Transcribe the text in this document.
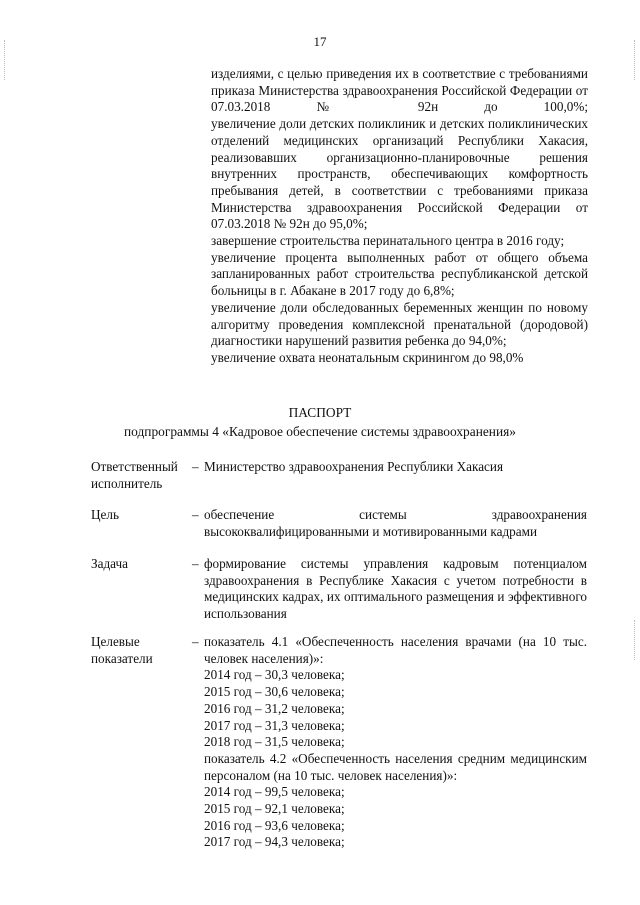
17

изделиями, с целью приведения их в соответствие с требованиями приказа Министерства здравоохранения Российской Федерации от 07.03.2018 № 92н до 100,0%;

увеличение доли детских поликлиник и детских поликлинических отделений медицинских организаций Республики Хакасия, реализовавших организационно-планировочные решения внутренних пространств, обеспечивающих комфортность пребывания детей, в соответствии с требованиями приказа Министерства здравоохранения Российской Федерации от 07.03.2018 № 92н до 95,0%;

завершение строительства перинатального центра в 2016 году;

увеличение процента выполненных работ от общего объема запланированных работ строительства республиканской детской больницы в г. Абакане в 2017 году до 6,8%;

увеличение доли обследованных беременных женщин по новому алгоритму проведения комплексной пренатальной (дородовой) диагностики нарушений развития ребенка до 94,0%;

увеличение охвата неонатальным скринингом до 98,0%

ПАСПОРТ
подпрограммы 4 «Кадровое обеспечение системы здравоохранения»
Ответственный исполнитель
– Министерство здравоохранения Республики Хакасия

Цель	– обеспечение системы здравоохранения высококвалифицированными и мотивированными кадрами

Задача	– формирование системы управления кадровым потенциалом здравоохранения в Республике Хакасия с учетом потребности в медицинских кадрах, их оптимального размещения и эффективного использования

Целевые показатели
– показатель 4.1 «Обеспеченность населения врачами (на 10 тыс. человек населения)»:

2014 год – 30,3 человека;

2015 год – 30,6 человека;

2016 год – 31,2 человека;

2017 год – 31,3 человека;

2018 год – 31,5 человека;

показатель 4.2 «Обеспеченность населения средним медицинским персоналом (на 10 тыс. человек населения)»:

2014 год – 99,5 человека;

2015 год – 92,1 человека;

2016 год – 93,6 человека;

2017 год – 94,3 человека;
